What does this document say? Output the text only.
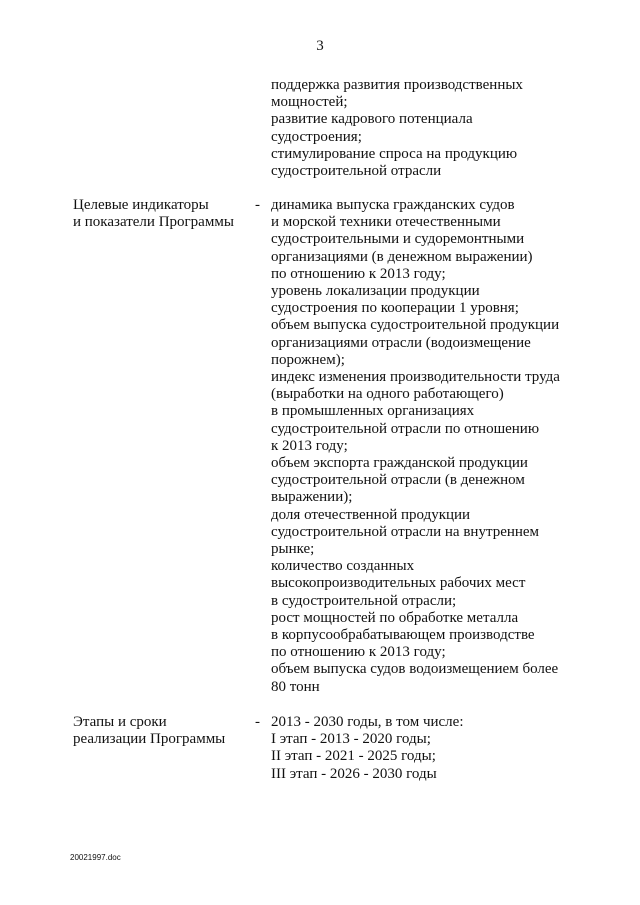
3
поддержка развития производственных
мощностей;
развитие кадрового потенциала
судостроения;
стимулирование спроса на продукцию
судостроительной отрасли
Целевые индикаторы
и показатели Программы
- динамика выпуска гражданских судов
и морской техники отечественными
судостроительными и судоремонтными
организациями (в денежном выражении)
по отношению к 2013 году;
уровень локализации продукции
судостроения по кооперации 1 уровня;
объем выпуска судостроительной продукции
организациями отрасли (водоизмещение
порожнем);
индекс изменения производительности труда
(выработки на одного работающего)
в промышленных организациях
судостроительной отрасли по отношению
к 2013 году;
объем экспорта гражданской продукции
судостроительной отрасли (в денежном
выражении);
доля отечественной продукции
судостроительной отрасли на внутреннем
рынке;
количество созданных
высокопроизводительных рабочих мест
в судостроительной отрасли;
рост мощностей по обработке металла
в корпусообрабатывающем производстве
по отношению к 2013 году;
объем выпуска судов водоизмещением более
80 тонн
Этапы и сроки
реализации Программы
- 2013 - 2030 годы, в том числе:
I этап - 2013 - 2020 годы;
II этап - 2021 - 2025 годы;
III этап - 2026 - 2030 годы
20021997.doc
